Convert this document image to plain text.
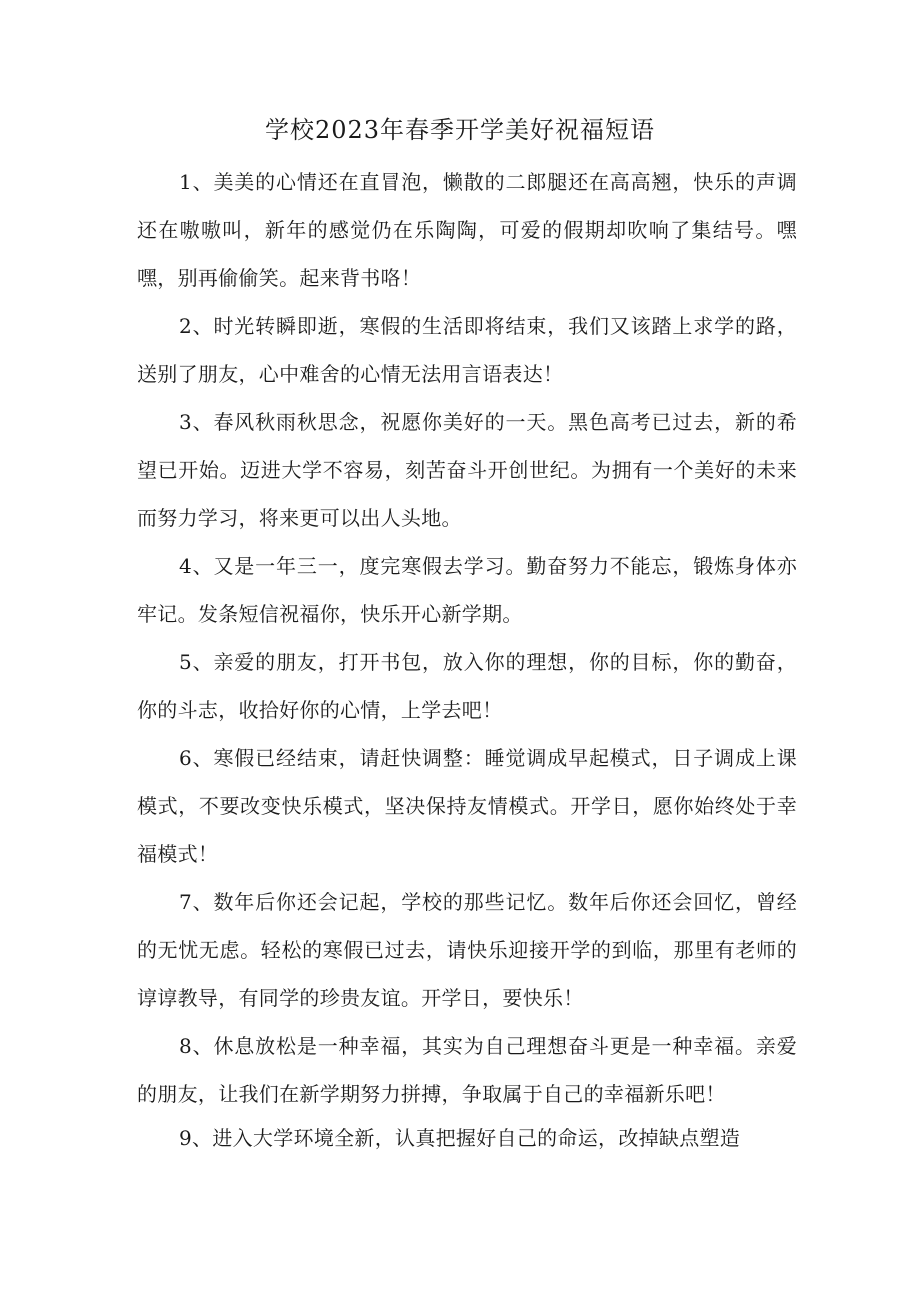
学校2023年春季开学美好祝福短语

1、美美的心情还在直冒泡，懒散的二郎腿还在高高翘，快乐的声调还在嗷嗷叫，新年的感觉仍在乐陶陶，可爱的假期却吹响了集结号。嘿嘿，别再偷偷笑。起来背书咯！

2、时光转瞬即逝，寒假的生活即将结束，我们又该踏上求学的路，送别了朋友，心中难舍的心情无法用言语表达！

3、春风秋雨秋思念，祝愿你美好的一天。黑色高考已过去，新的希望已开始。迈进大学不容易，刻苦奋斗开创世纪。为拥有一个美好的未来而努力学习，将来更可以出人头地。

4、又是一年三一，度完寒假去学习。勤奋努力不能忘，锻炼身体亦牢记。发条短信祝福你，快乐开心新学期。

5、亲爱的朋友，打开书包，放入你的理想，你的目标，你的勤奋，你的斗志，收拾好你的心情，上学去吧！

6、寒假已经结束，请赶快调整：睡觉调成早起模式，日子调成上课模式，不要改变快乐模式，坚决保持友情模式。开学日，愿你始终处于幸福模式！

7、数年后你还会记起，学校的那些记忆。数年后你还会回忆，曾经的无忧无虑。轻松的寒假已过去，请快乐迎接开学的到临，那里有老师的谆谆教导，有同学的珍贵友谊。开学日，要快乐！

8、休息放松是一种幸福，其实为自己理想奋斗更是一种幸福。亲爱的朋友，让我们在新学期努力拼搏，争取属于自己的幸福新乐吧！

9、进入大学环境全新，认真把握好自己的命运，改掉缺点塑造
